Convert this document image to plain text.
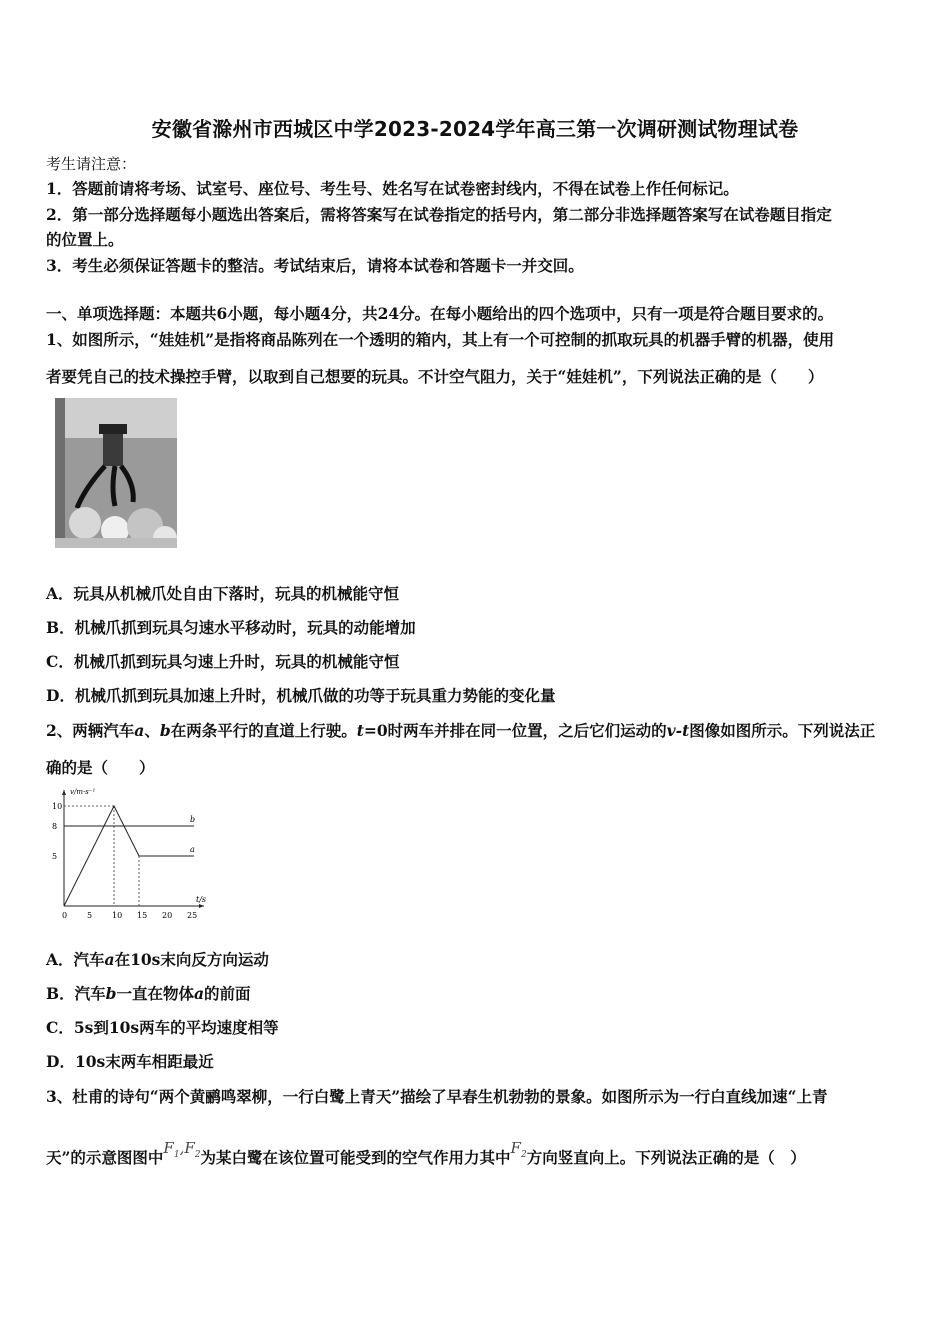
安徽省滁州市西城区中学2023-2024学年高三第一次调研测试物理试卷
考生请注意：
1．答题前请将考场、试室号、座位号、考生号、姓名写在试卷密封线内，不得在试卷上作任何标记。
2．第一部分选择题每小题选出答案后，需将答案写在试卷指定的括号内，第二部分非选择题答案写在试卷题目指定
的位置上。
3．考生必须保证答题卡的整洁。考试结束后，请将本试卷和答题卡一并交回。
一、单项选择题：本题共6小题，每小题4分，共24分。在每小题给出的四个选项中，只有一项是符合题目要求的。
1、如图所示，“娃娃机”是指将商品陈列在一个透明的箱内，其上有一个可控制的抓取玩具的机器手臂的机器，使用
者要凭自己的技术操控手臂，以取到自己想要的玩具。不计空气阻力，关于“娃娃机”，下列说法正确的是（　　）
A．玩具从机械爪处自由下落时，玩具的机械能守恒
B．机械爪抓到玩具匀速水平移动时，玩具的动能增加
C．机械爪抓到玩具匀速上升时，玩具的机械能守恒
D．机械爪抓到玩具加速上升时，机械爪做的功等于玩具重力势能的变化量
2、两辆汽车a、b在两条平行的直道上行驶。t=0时两车并排在同一位置，之后它们运动的v-t图像如图所示。下列说法正
确的是（　　）
v/m·s⁻¹
t/s
0 5 10 15 20 25
5
8
10
a
b
A．汽车a在10s末向反方向运动
B．汽车b一直在物体a的前面
C．5s到10s两车的平均速度相等
D．10s末两车相距最近
3、杜甫的诗句“两个黄鹂鸣翠柳，一行白鹭上青天”描绘了早春生机勃勃的景象。如图所示为一行白直线加速“上青
天”的示意图图中$F_1,F_2$为某白鹭在该位置可能受到的空气作用力其中$F_2$方向竖直向上。下列说法正确的是（　）
